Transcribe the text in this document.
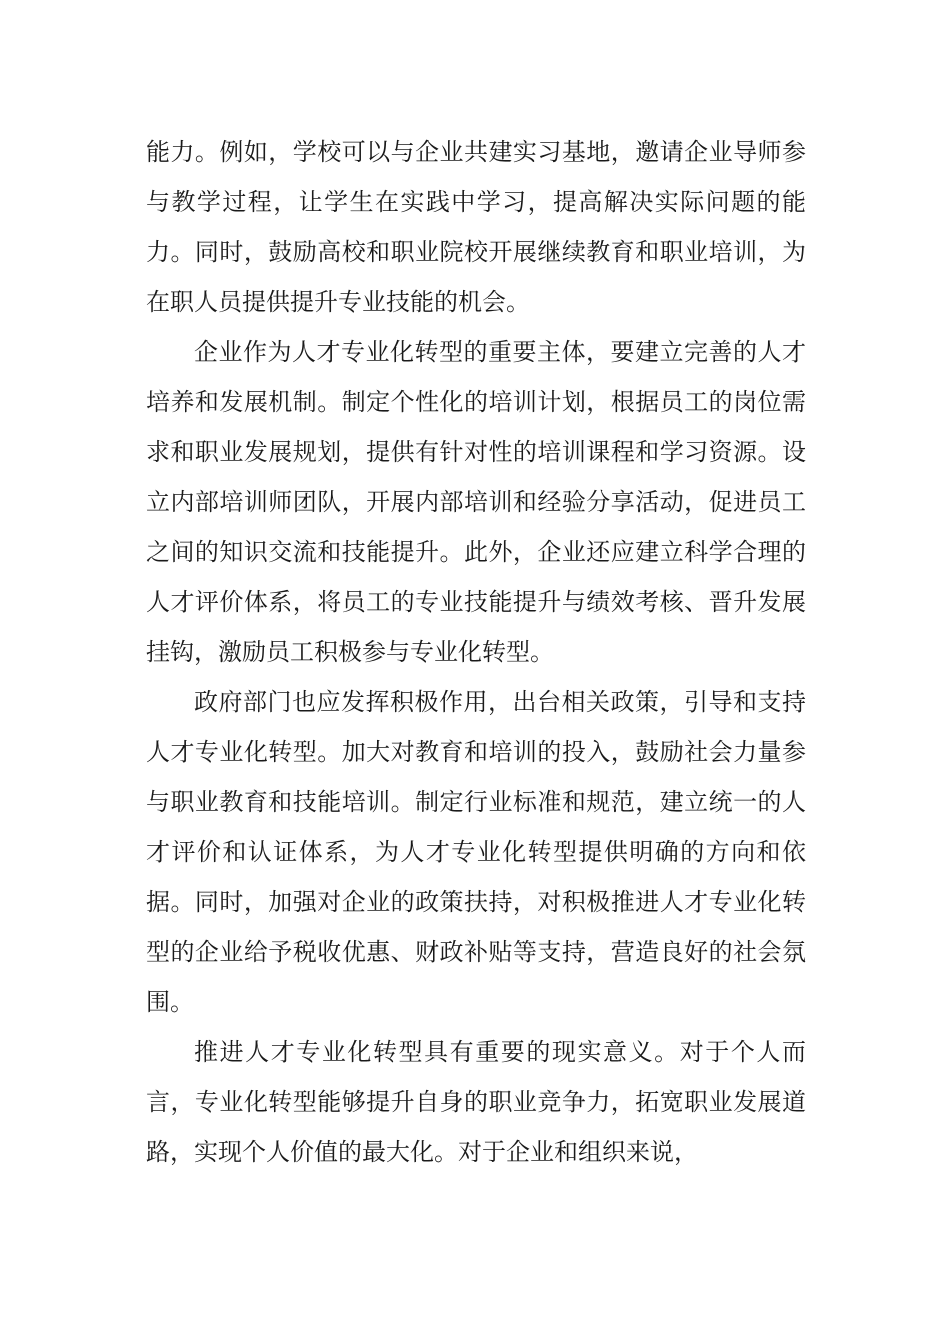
能力。例如，学校可以与企业共建实习基地，邀请企业导师参与教学过程，让学生在实践中学习，提高解决实际问题的能力。同时，鼓励高校和职业院校开展继续教育和职业培训，为在职人员提供提升专业技能的机会。

企业作为人才专业化转型的重要主体，要建立完善的人才培养和发展机制。制定个性化的培训计划，根据员工的岗位需求和职业发展规划，提供有针对性的培训课程和学习资源。设立内部培训师团队，开展内部培训和经验分享活动，促进员工之间的知识交流和技能提升。此外，企业还应建立科学合理的人才评价体系，将员工的专业技能提升与绩效考核、晋升发展挂钩，激励员工积极参与专业化转型。

政府部门也应发挥积极作用，出台相关政策，引导和支持人才专业化转型。加大对教育和培训的投入，鼓励社会力量参与职业教育和技能培训。制定行业标准和规范，建立统一的人才评价和认证体系，为人才专业化转型提供明确的方向和依据。同时，加强对企业的政策扶持，对积极推进人才专业化转型的企业给予税收优惠、财政补贴等支持，营造良好的社会氛围。

推进人才专业化转型具有重要的现实意义。对于个人而言，专业化转型能够提升自身的职业竞争力，拓宽职业发展道路，实现个人价值的最大化。对于企业和组织来说，
